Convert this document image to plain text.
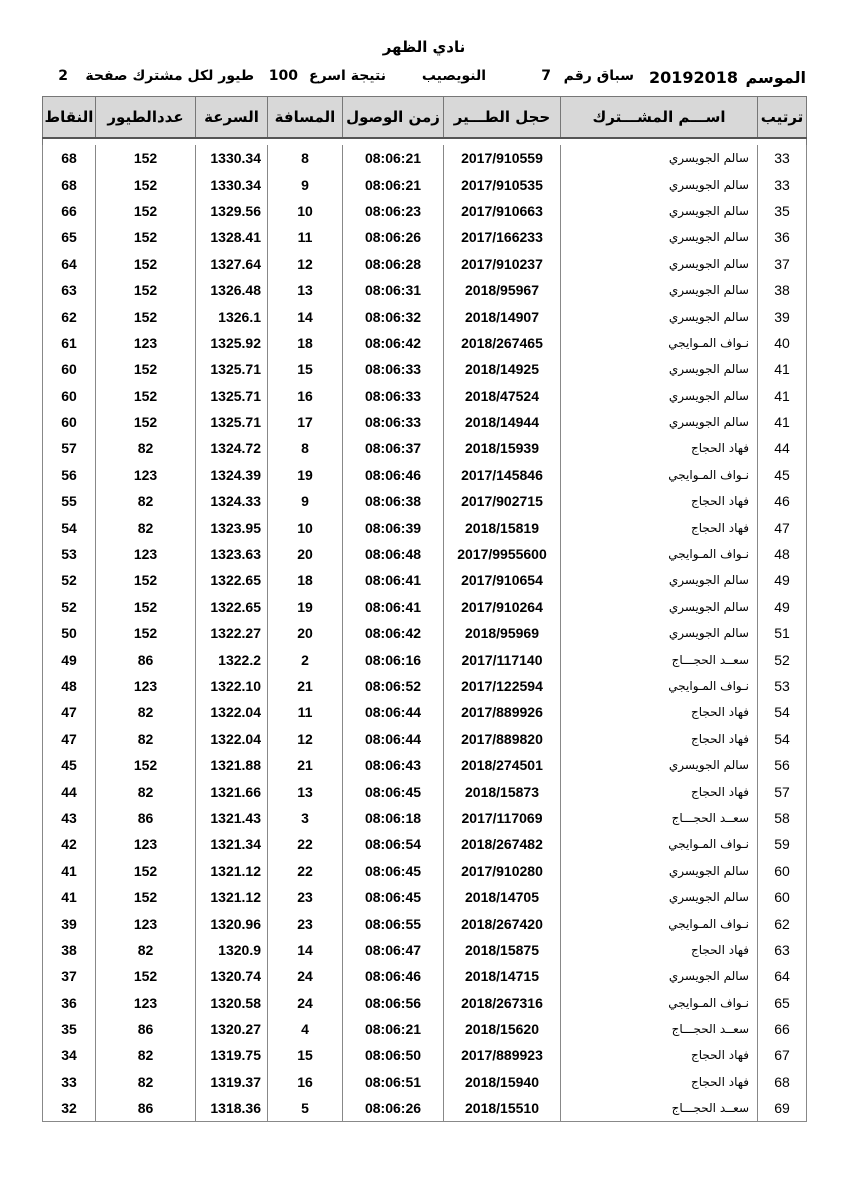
نادي الظهر
الموسم
20192018
سباق رقم
7
النويصيب
نتيجة اسرع
100
طيور لكل مشترك صفحة
2
ترتيب	اســـم المشـــترك	حجل الطـــير	زمن الوصول	المسافة	السرعة	عددالطيور	النقاط

33	سالم الجويسري	2017/910559	08:06:21	8	1330.34	152	68
33	سالم الجويسري	2017/910535	08:06:21	9	1330.34	152	68
35	سالم الجويسري	2017/910663	08:06:23	10	1329.56	152	66
36	سالم الجويسري	2017/166233	08:06:26	11	1328.41	152	65
37	سالم الجويسري	2017/910237	08:06:28	12	1327.64	152	64
38	سالم الجويسري	2018/95967	08:06:31	13	1326.48	152	63
39	سالم الجويسري	2018/14907	08:06:32	14	1326.1	152	62
40	نـواف المـوايجي	2018/267465	08:06:42	18	1325.92	123	61
41	سالم الجويسري	2018/14925	08:06:33	15	1325.71	152	60
41	سالم الجويسري	2018/47524	08:06:33	16	1325.71	152	60
41	سالم الجويسري	2018/14944	08:06:33	17	1325.71	152	60
44	فهاد الحجاج	2018/15939	08:06:37	8	1324.72	82	57
45	نـواف المـوايجي	2017/145846	08:06:46	19	1324.39	123	56
46	فهاد الحجاج	2017/902715	08:06:38	9	1324.33	82	55
47	فهاد الحجاج	2018/15819	08:06:39	10	1323.95	82	54
48	نـواف المـوايجي	2017/9955600	08:06:48	20	1323.63	123	53
49	سالم الجويسري	2017/910654	08:06:41	18	1322.65	152	52
49	سالم الجويسري	2017/910264	08:06:41	19	1322.65	152	52
51	سالم الجويسري	2018/95969	08:06:42	20	1322.27	152	50
52	سعــد الحجـــاج	2017/117140	08:06:16	2	1322.2	86	49
53	نـواف المـوايجي	2017/122594	08:06:52	21	1322.10	123	48
54	فهاد الحجاج	2017/889926	08:06:44	11	1322.04	82	47
54	فهاد الحجاج	2017/889820	08:06:44	12	1322.04	82	47
56	سالم الجويسري	2018/274501	08:06:43	21	1321.88	152	45
57	فهاد الحجاج	2018/15873	08:06:45	13	1321.66	82	44
58	سعــد الحجـــاج	2017/117069	08:06:18	3	1321.43	86	43
59	نـواف المـوايجي	2018/267482	08:06:54	22	1321.34	123	42
60	سالم الجويسري	2017/910280	08:06:45	22	1321.12	152	41
60	سالم الجويسري	2018/14705	08:06:45	23	1321.12	152	41
62	نـواف المـوايجي	2018/267420	08:06:55	23	1320.96	123	39
63	فهاد الحجاج	2018/15875	08:06:47	14	1320.9	82	38
64	سالم الجويسري	2018/14715	08:06:46	24	1320.74	152	37
65	نـواف المـوايجي	2018/267316	08:06:56	24	1320.58	123	36
66	سعــد الحجـــاج	2018/15620	08:06:21	4	1320.27	86	35
67	فهاد الحجاج	2017/889923	08:06:50	15	1319.75	82	34
68	فهاد الحجاج	2018/15940	08:06:51	16	1319.37	82	33
69	سعــد الحجـــاج	2018/15510	08:06:26	5	1318.36	86	32
